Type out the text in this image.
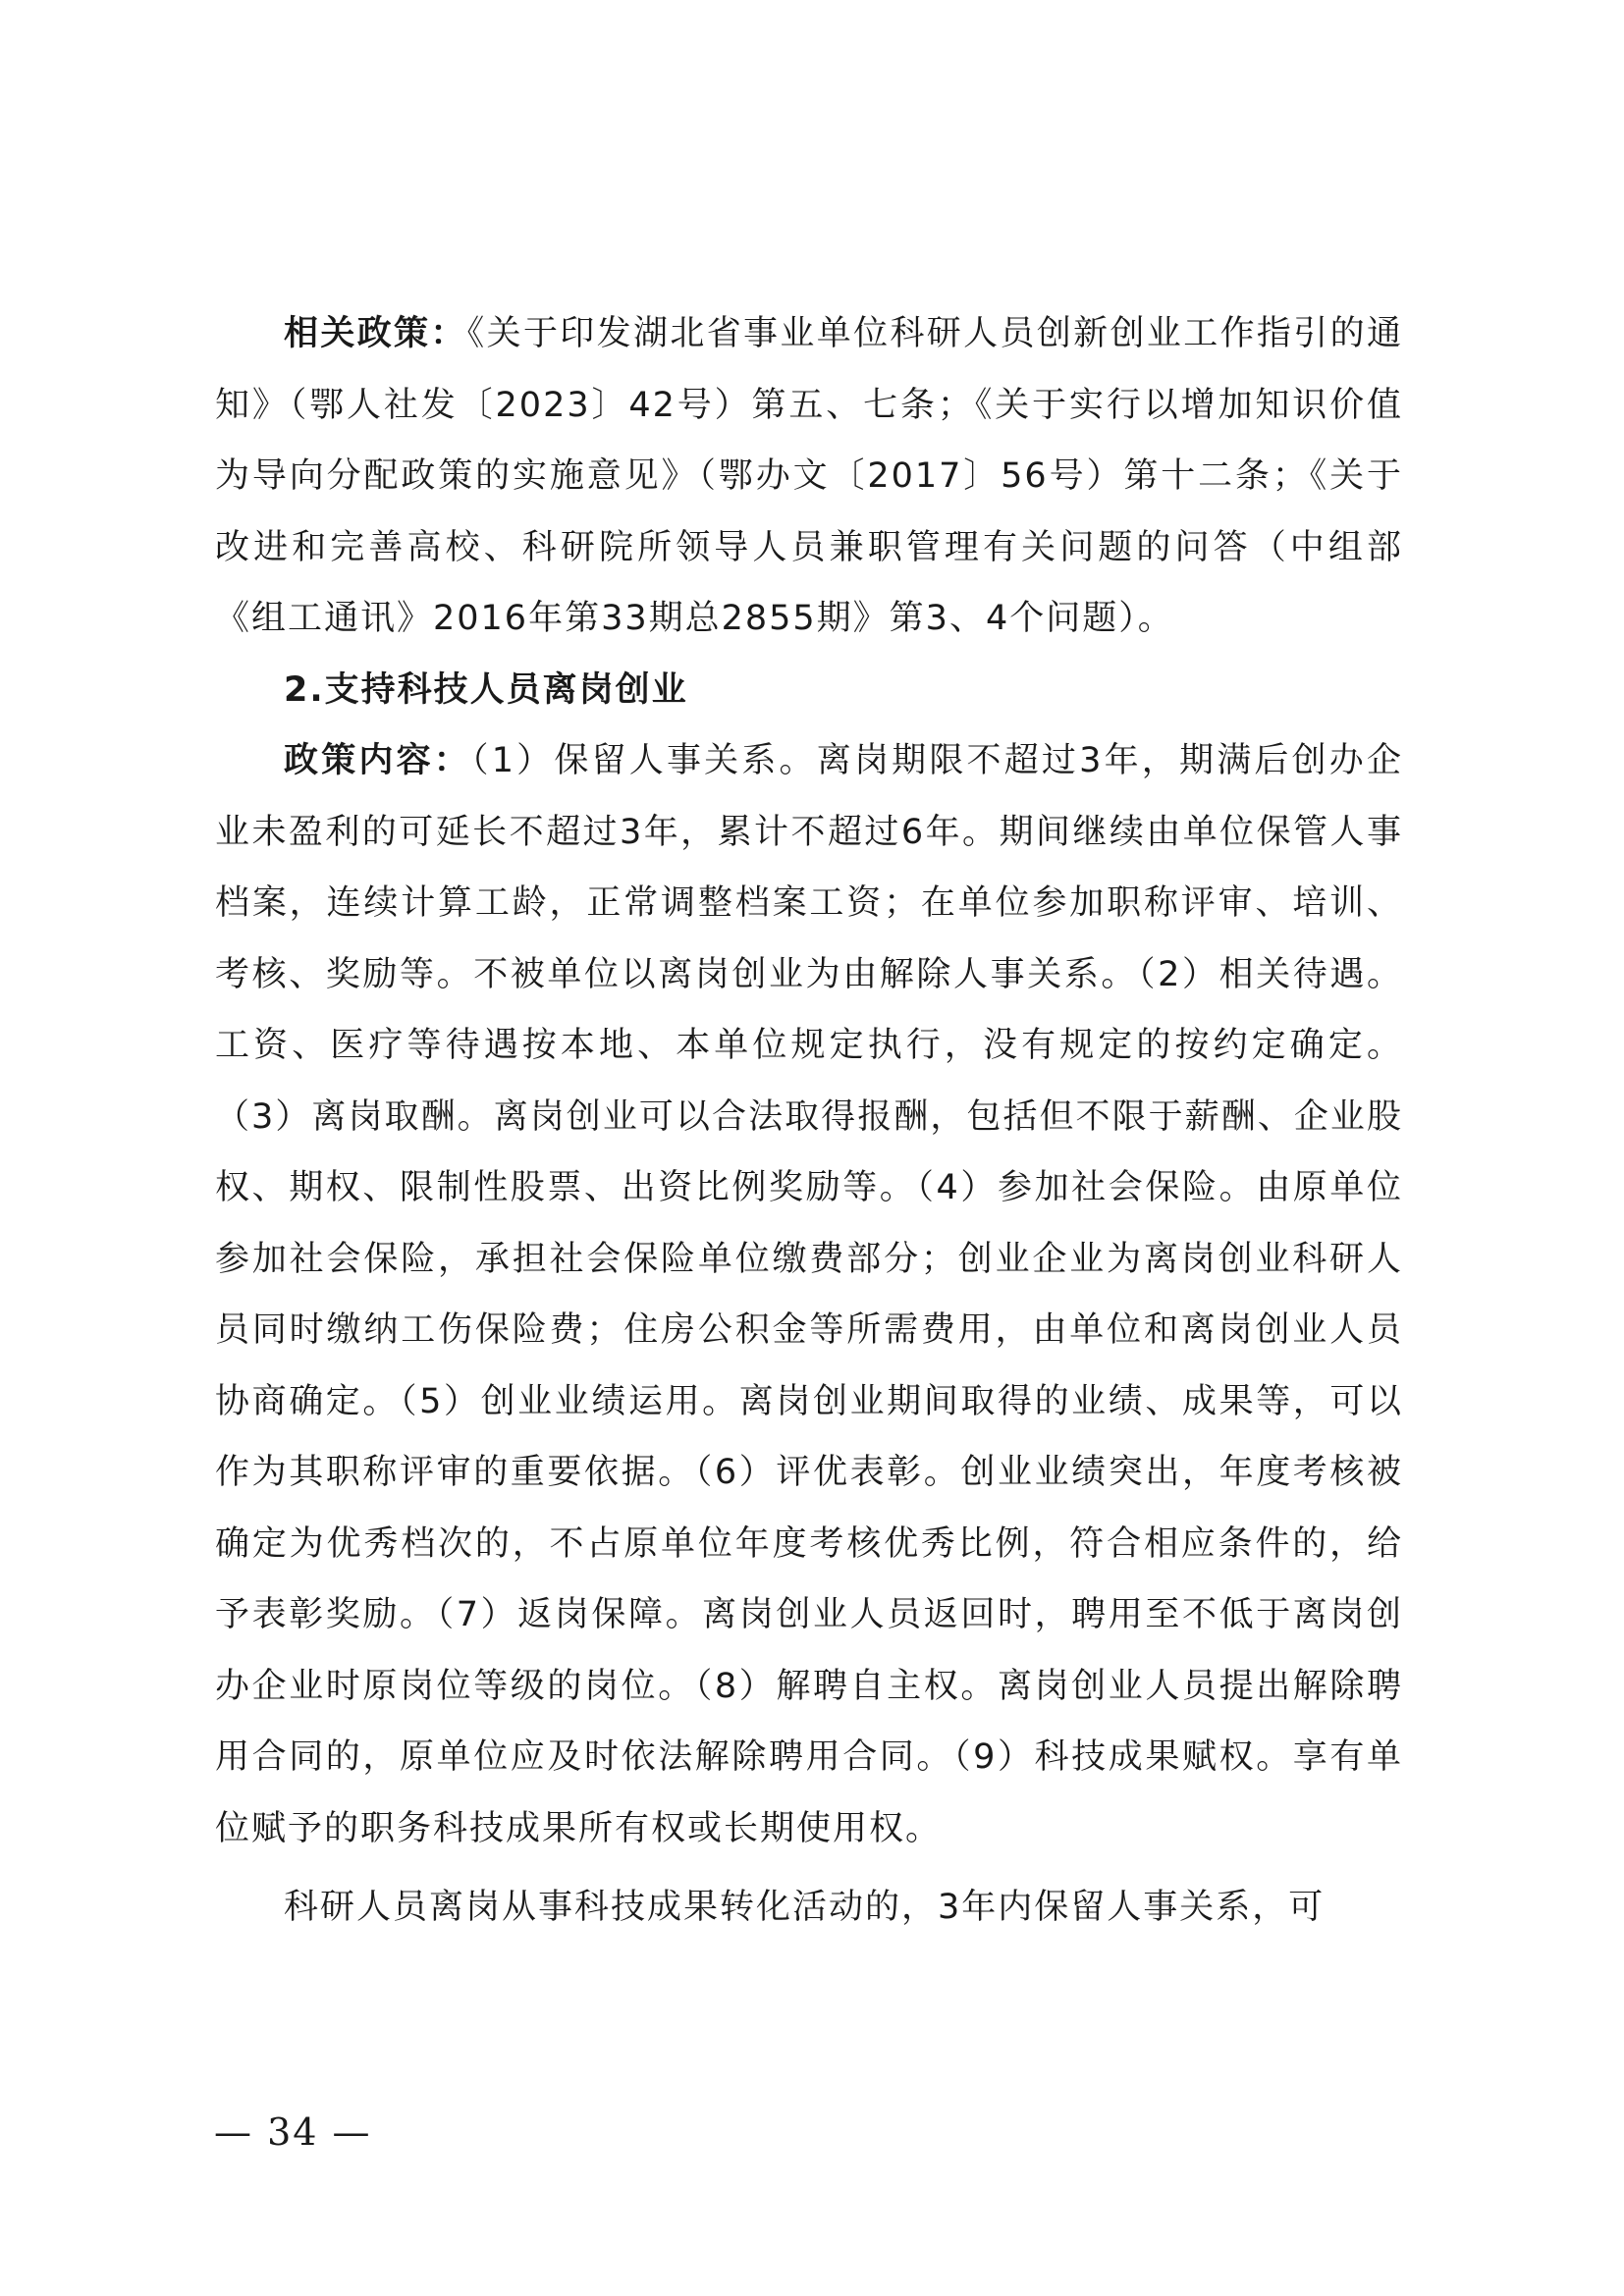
相关政策：《关于印发湖北省事业单位科研人员创新创业工作指引的通知》（鄂人社发〔2023〕42号）第五、七条；《关于实行以增加知识价值为导向分配政策的实施意见》（鄂办文〔2017〕56号）第十二条；《关于改进和完善高校、科研院所领导人员兼职管理有关问题的问答（中组部《组工通讯》2016年第33期总2855期》第3、4个问题）。

2.支持科技人员离岗创业

政策内容：（1）保留人事关系。离岗期限不超过3年，期满后创办企业未盈利的可延长不超过3年，累计不超过6年。期间继续由单位保管人事档案，连续计算工龄，正常调整档案工资；在单位参加职称评审、培训、考核、奖励等。不被单位以离岗创业为由解除人事关系。（2）相关待遇。工资、医疗等待遇按本地、本单位规定执行，没有规定的按约定确定。（3）离岗取酬。离岗创业可以合法取得报酬，包括但不限于薪酬、企业股权、期权、限制性股票、出资比例奖励等。（4）参加社会保险。由原单位参加社会保险，承担社会保险单位缴费部分；创业企业为离岗创业科研人员同时缴纳工伤保险费；住房公积金等所需费用，由单位和离岗创业人员协商确定。（5）创业业绩运用。离岗创业期间取得的业绩、成果等，可以作为其职称评审的重要依据。（6）评优表彰。创业业绩突出，年度考核被确定为优秀档次的，不占原单位年度考核优秀比例，符合相应条件的，给予表彰奖励。（7）返岗保障。离岗创业人员返回时，聘用至不低于离岗创办企业时原岗位等级的岗位。（8）解聘自主权。离岗创业人员提出解除聘用合同的，原单位应及时依法解除聘用合同。（9）科技成果赋权。享有单位赋予的职务科技成果所有权或长期使用权。

科研人员离岗从事科技成果转化活动的，3年内保留人事关系，可

— 34 —
